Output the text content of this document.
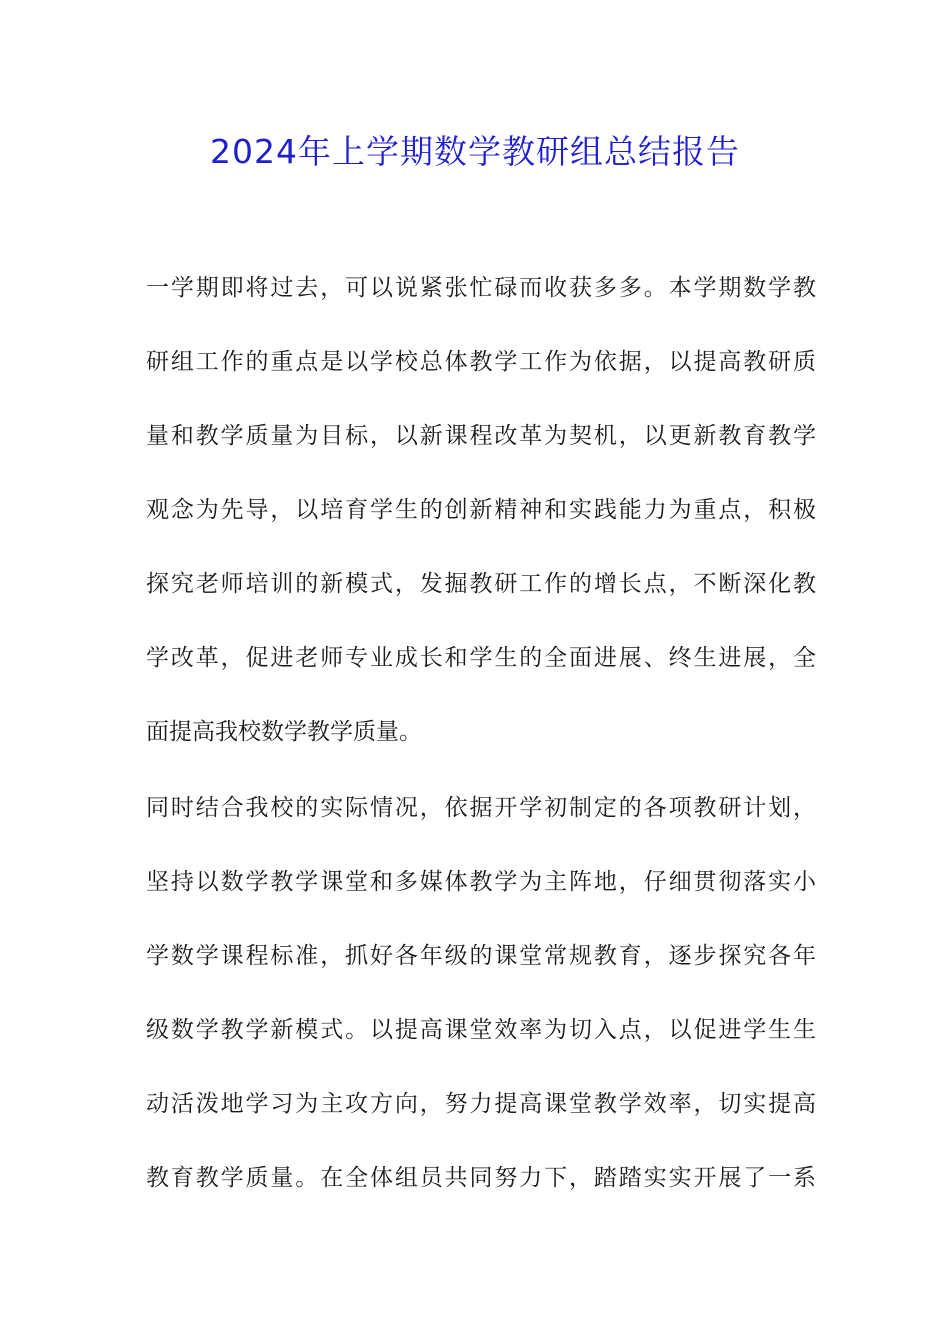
2024年上学期数学教研组总结报告

一学期即将过去，可以说紧张忙碌而收获多多。本学期数学教

研组工作的重点是以学校总体教学工作为依据，以提高教研质

量和教学质量为目标，以新课程改革为契机，以更新教育教学

观念为先导，以培育学生的创新精神和实践能力为重点，积极

探究老师培训的新模式，发掘教研工作的增长点，不断深化教

学改革，促进老师专业成长和学生的全面进展、终生进展，全

面提高我校数学教学质量。

同时结合我校的实际情况，依据开学初制定的各项教研计划，

坚持以数学教学课堂和多媒体教学为主阵地，仔细贯彻落实小

学数学课程标准，抓好各年级的课堂常规教育，逐步探究各年

级数学教学新模式。以提高课堂效率为切入点，以促进学生生

动活泼地学习为主攻方向，努力提高课堂教学效率，切实提高

教育教学质量。在全体组员共同努力下，踏踏实实开展了一系
